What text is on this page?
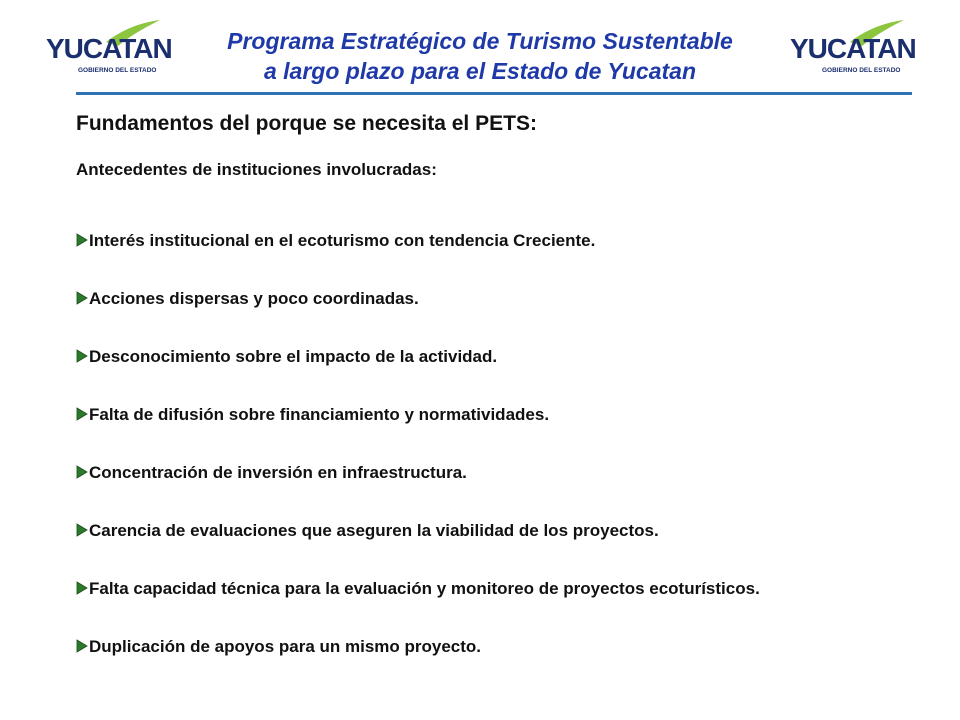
YUCATAN
GOBIERNO DEL ESTADO
YUCATAN
GOBIERNO DEL ESTADO
Programa Estratégico de Turismo Sustentable
a largo plazo para el Estado de Yucatan
Fundamentos del porque se necesita el PETS:
Antecedentes de instituciones involucradas:
Interés institucional en el ecoturismo con tendencia Creciente.
Acciones dispersas y poco coordinadas.
Desconocimiento sobre el impacto de la actividad.
Falta de difusión sobre financiamiento y normatividades.
Concentración de inversión en infraestructura.
Carencia de evaluaciones que aseguren la viabilidad de los proyectos.
Falta capacidad técnica para la evaluación y monitoreo de proyectos ecoturísticos.
Duplicación de apoyos para un mismo proyecto.
